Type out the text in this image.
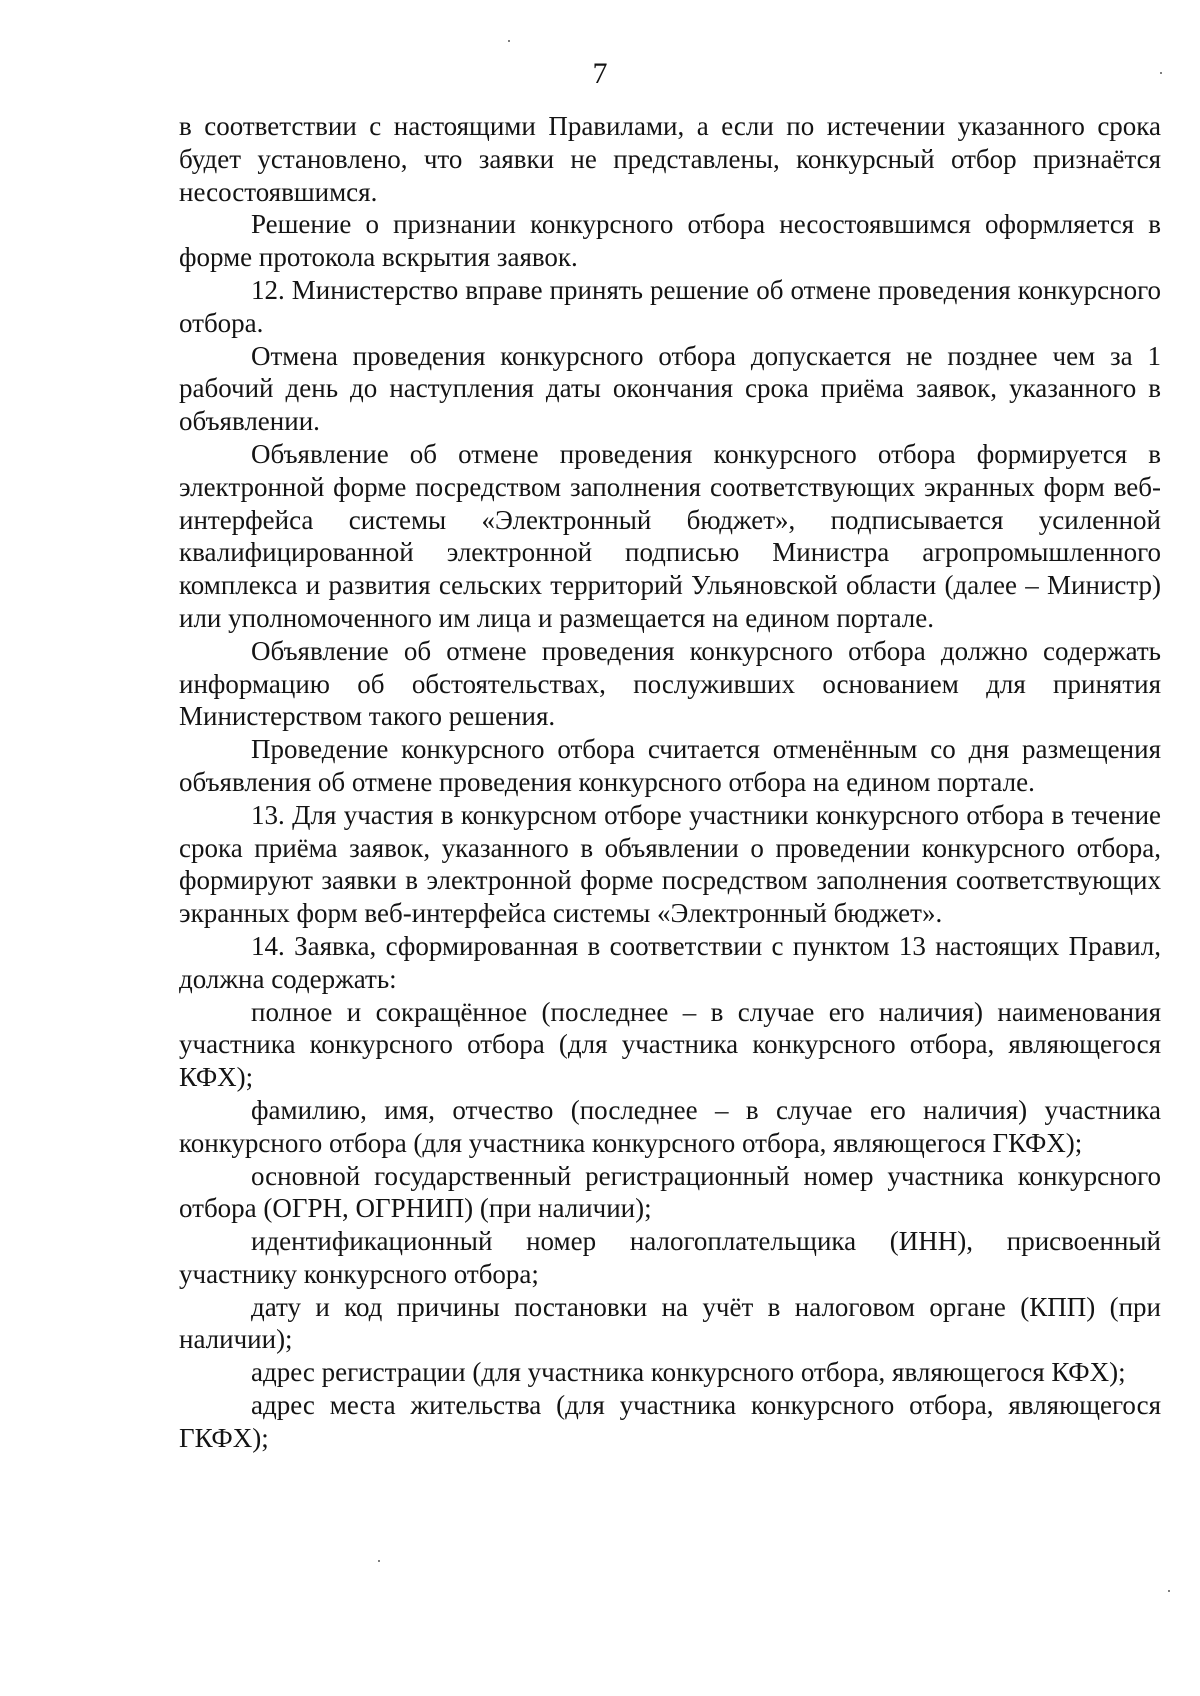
7

в соответствии с настоящими Правилами, а если по истечении указанного срока будет установлено, что заявки не представлены, конкурсный отбор признаётся несостоявшимся.

Решение о признании конкурсного отбора несостоявшимся оформляется в форме протокола вскрытия заявок.

12. Министерство вправе принять решение об отмене проведения конкурсного отбора.

Отмена проведения конкурсного отбора допускается не позднее чем за 1 рабочий день до наступления даты окончания срока приёма заявок, указанного в объявлении.

Объявление об отмене проведения конкурсного отбора формируется в электронной форме посредством заполнения соответствующих экранных форм веб-интерфейса системы «Электронный бюджет», подписывается усиленной квалифицированной электронной подписью Министра агропромышленного комплекса и развития сельских территорий Ульяновской области (далее – Министр) или уполномоченного им лица и размещается на едином портале.

Объявление об отмене проведения конкурсного отбора должно содержать информацию об обстоятельствах, послуживших основанием для принятия Министерством такого решения.

Проведение конкурсного отбора считается отменённым со дня размещения объявления об отмене проведения конкурсного отбора на едином портале.

13. Для участия в конкурсном отборе участники конкурсного отбора в течение срока приёма заявок, указанного в объявлении о проведении конкурсного отбора, формируют заявки в электронной форме посредством заполнения соответствующих экранных форм веб-интерфейса системы «Электронный бюджет».

14. Заявка, сформированная в соответствии с пунктом 13 настоящих Правил, должна содержать:

полное и сокращённое (последнее – в случае его наличия) наименования участника конкурсного отбора (для участника конкурсного отбора, являющегося КФХ);

фамилию, имя, отчество (последнее – в случае его наличия) участника конкурсного отбора (для участника конкурсного отбора, являющегося ГКФХ);

основной государственный регистрационный номер участника конкурсного отбора (ОГРН, ОГРНИП) (при наличии);

идентификационный номер налогоплательщика (ИНН), присвоенный участнику конкурсного отбора;

дату и код причины постановки на учёт в налоговом органе (КПП) (при наличии);

адрес регистрации (для участника конкурсного отбора, являющегося КФХ);

адрес места жительства (для участника конкурсного отбора, являющегося ГКФХ);
